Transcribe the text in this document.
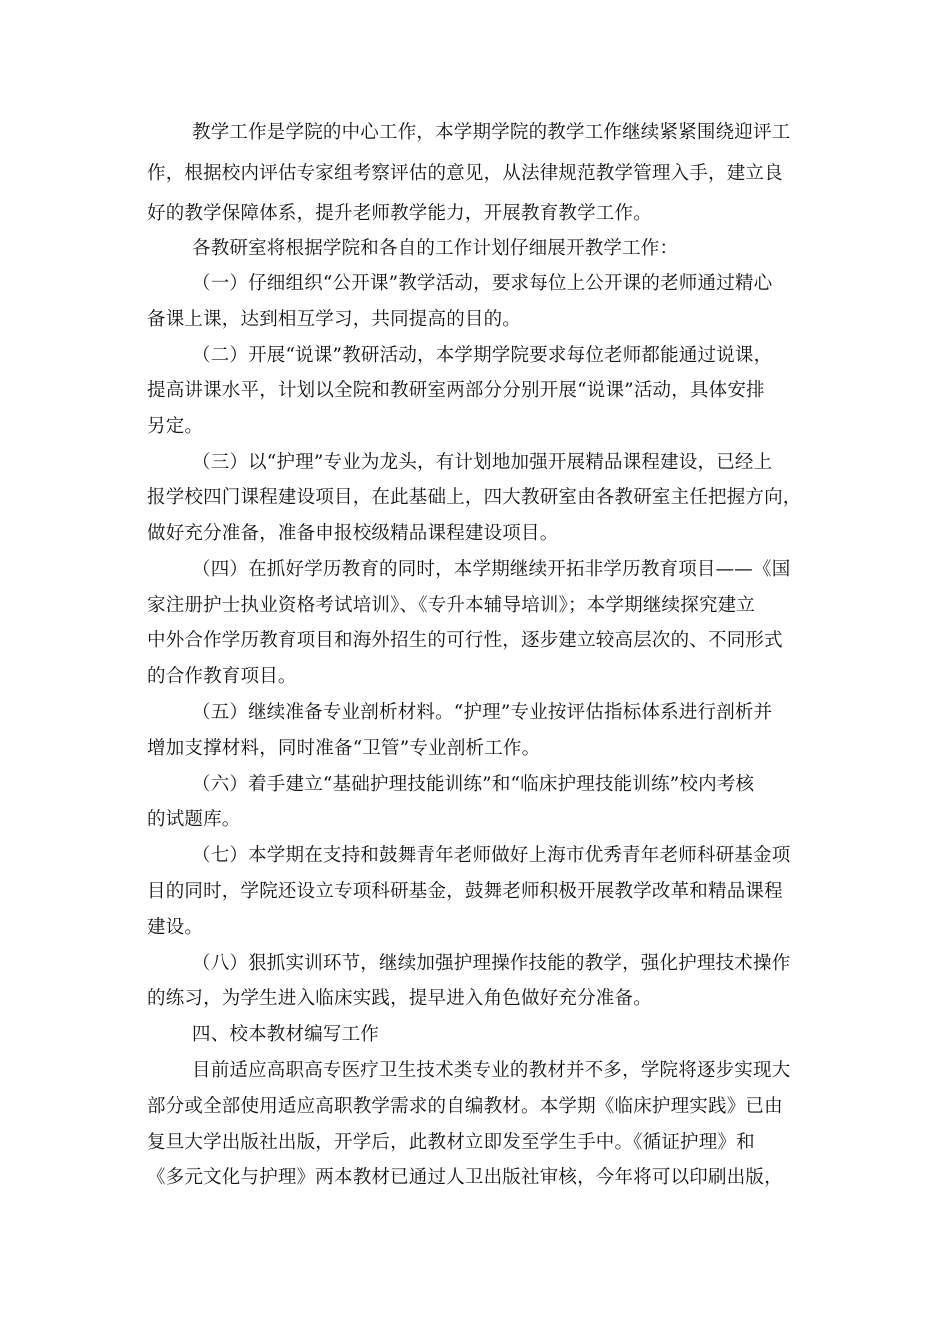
教学工作是学院的中心工作，本学期学院的教学工作继续紧紧围绕迎评工
作，根据校内评估专家组考察评估的意见，从法律规范教学管理入手，建立良
好的教学保障体系，提升老师教学能力，开展教育教学工作。
各教研室将根据学院和各自的工作计划仔细展开教学工作：
（一）仔细组织“公开课”教学活动，要求每位上公开课的老师通过精心
备课上课，达到相互学习，共同提高的目的。
（二）开展“说课”教研活动，本学期学院要求每位老师都能通过说课，
提高讲课水平，计划以全院和教研室两部分分别开展“说课”活动，具体安排
另定。
（三）以“护理”专业为龙头，有计划地加强开展精品课程建设，已经上
报学校四门课程建设项目，在此基础上，四大教研室由各教研室主任把握方向，
做好充分准备，准备申报校级精品课程建设项目。
（四）在抓好学历教育的同时，本学期继续开拓非学历教育项目——《国
家注册护士执业资格考试培训》、《专升本辅导培训》；本学期继续探究建立
中外合作学历教育项目和海外招生的可行性，逐步建立较高层次的、不同形式
的合作教育项目。
（五）继续准备专业剖析材料。“护理”专业按评估指标体系进行剖析并
增加支撑材料，同时准备“卫管”专业剖析工作。
（六）着手建立“基础护理技能训练”和“临床护理技能训练”校内考核
的试题库。
（七）本学期在支持和鼓舞青年老师做好上海市优秀青年老师科研基金项
目的同时，学院还设立专项科研基金，鼓舞老师积极开展教学改革和精品课程
建设。
（八）狠抓实训环节，继续加强护理操作技能的教学，强化护理技术操作
的练习，为学生进入临床实践，提早进入角色做好充分准备。
四、校本教材编写工作
目前适应高职高专医疗卫生技术类专业的教材并不多，学院将逐步实现大
部分或全部使用适应高职教学需求的自编教材。本学期《临床护理实践》已由
复旦大学出版社出版，开学后，此教材立即发至学生手中。《循证护理》和
《多元文化与护理》两本教材已通过人卫出版社审核，今年将可以印刷出版，
